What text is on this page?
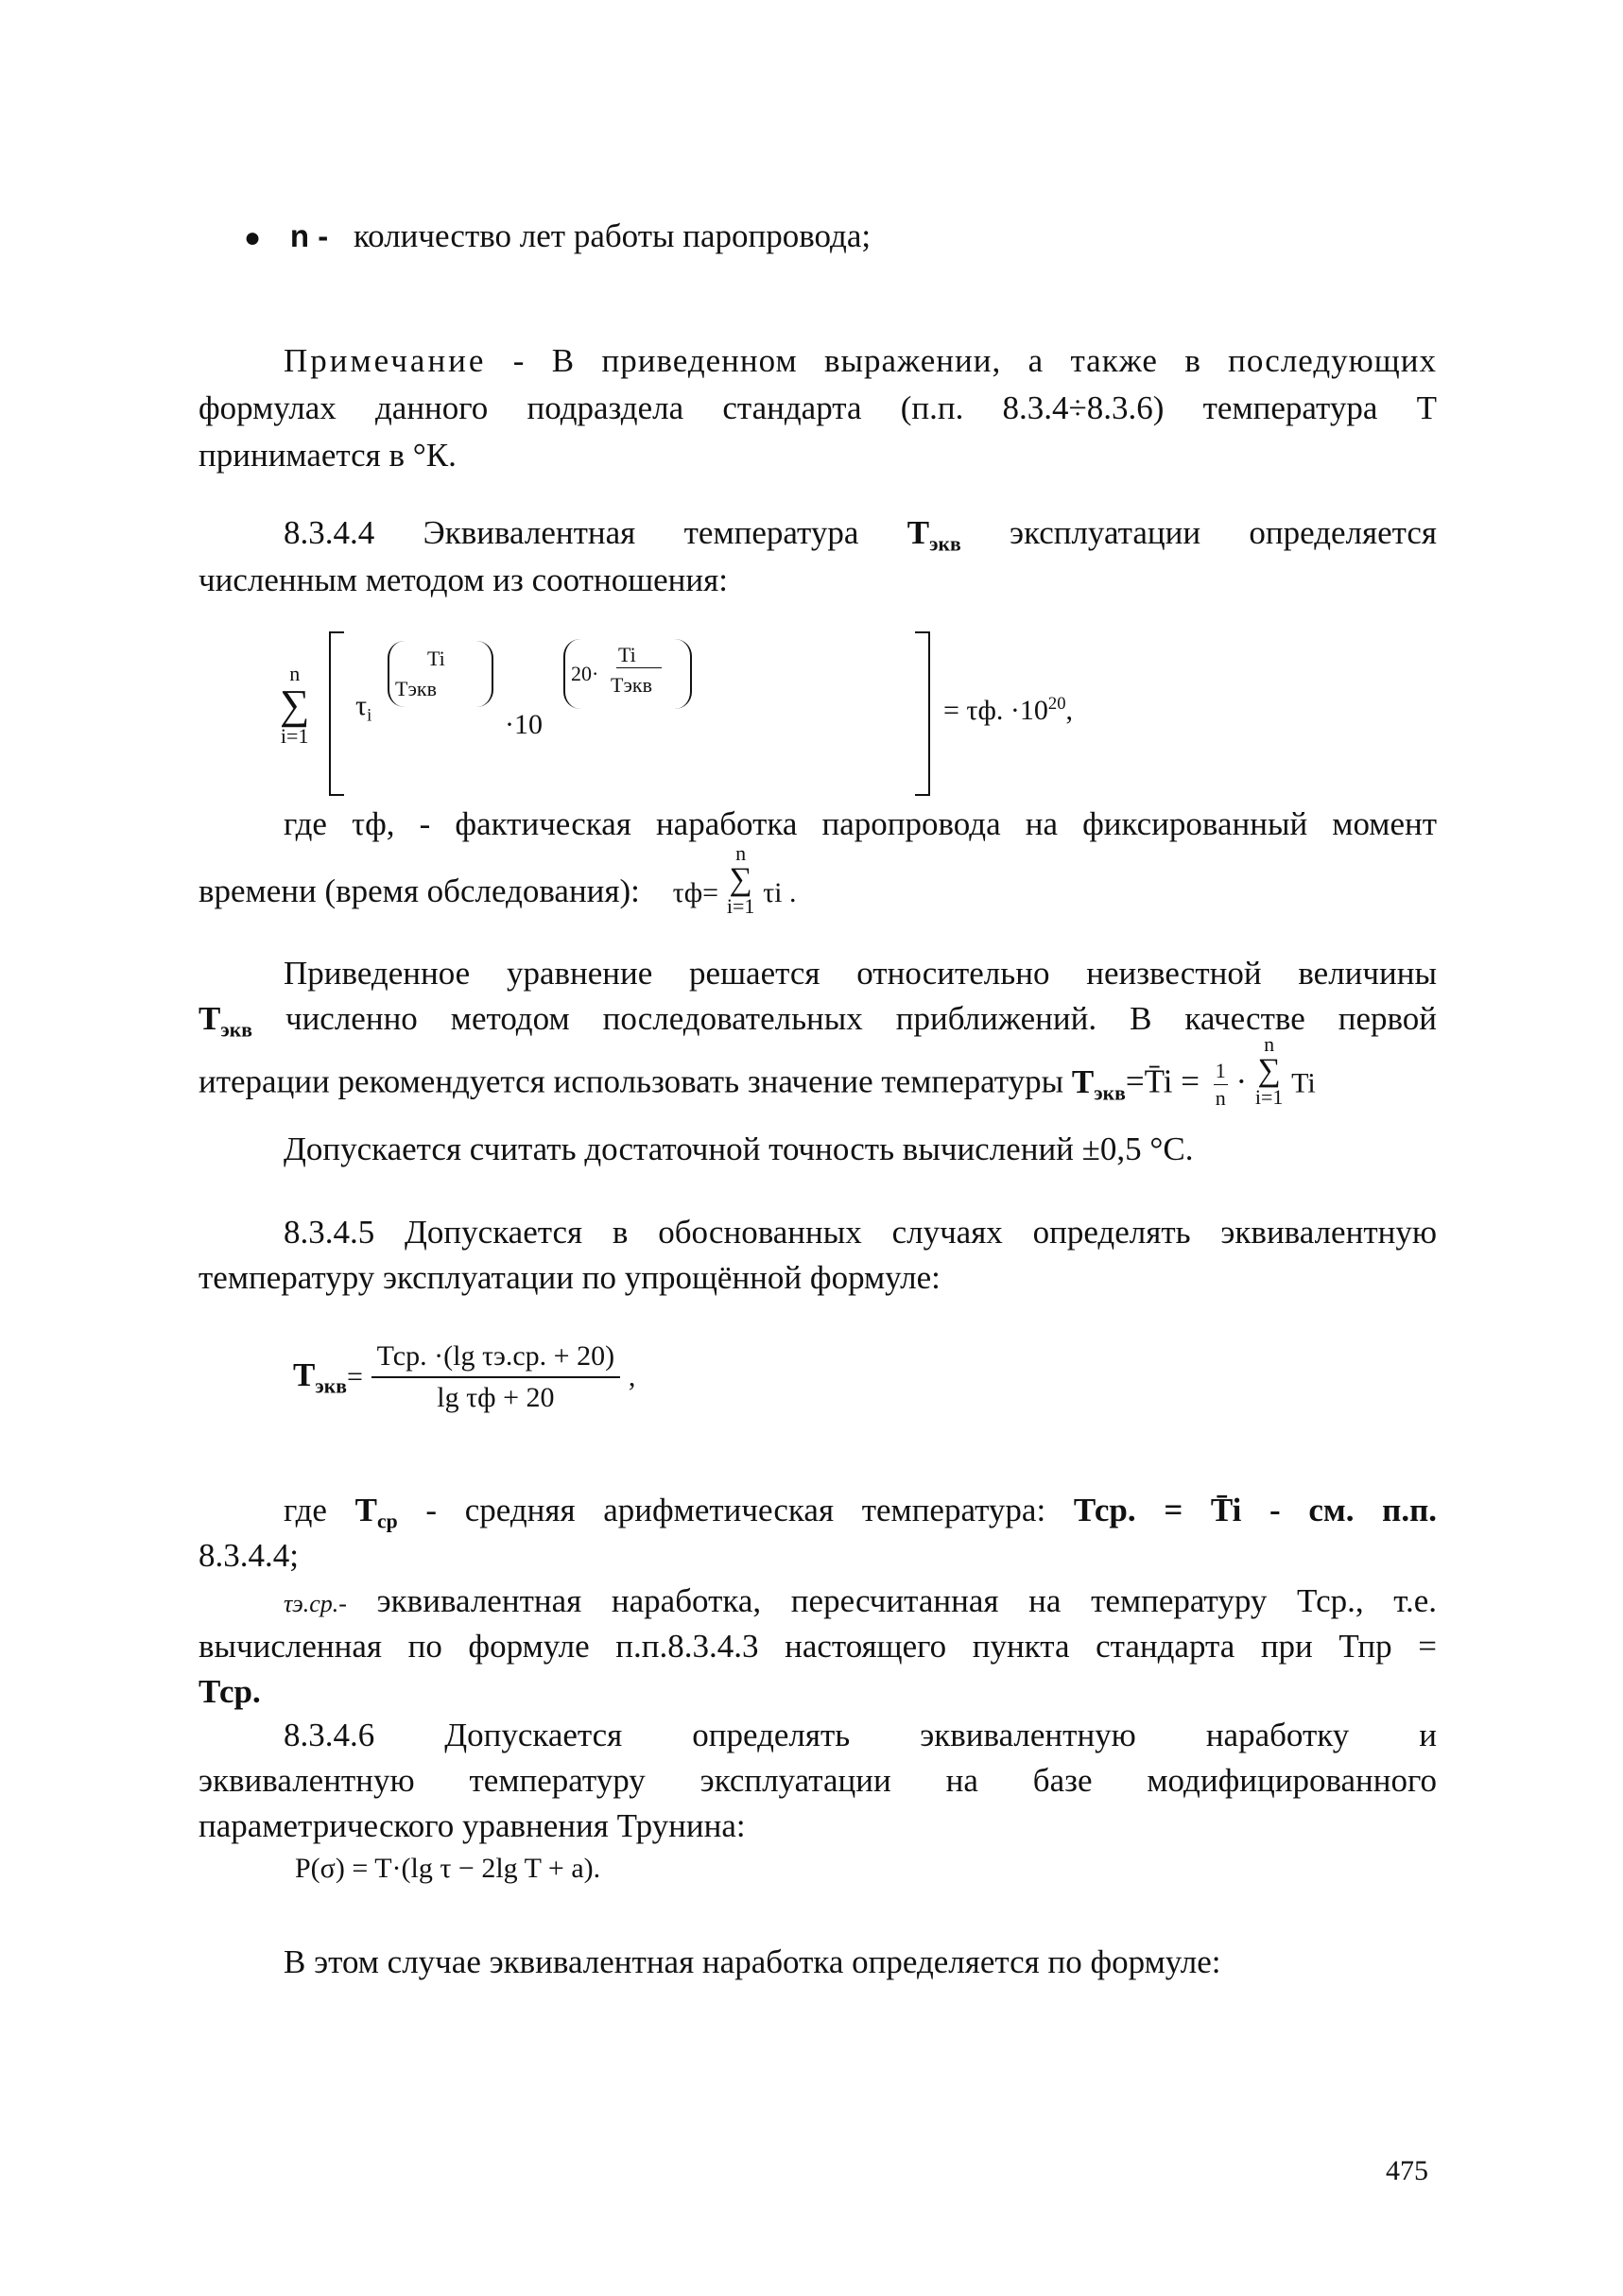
● n - количество лет работы паропровода;
Примечание - В приведенном выражении, а также в последующих
формулах данного подраздела стандарта (п.п. 8.3.4÷8.3.6) температура Т
принимается в °К.
8.3.4.4 Эквивалентная температура $Т_{экв}$ эксплуатации определяется
численным методом из соотношения:
n
∑
i=1
$\tau_i$
Ti
Тэкв
·10
20·
Ti
Тэкв
= τф. $\cdot 10^{20}$,
где τф, - фактическая наработка паропровода на фиксированный момент
времени (время обследования): τф=
n
∑
i=1 τi .
Приведенное уравнение решается относительно неизвестной величины
$Т_{экв}$ численно методом последовательных приближений. В качестве первой
итерации рекомендуется использовать значение температуры $Т_{экв}=T̄i = \frac{1}{n}$ ·
n
∑
i=1 Ti
Допускается считать достаточной точность вычислений ±0,5 °С.
8.3.4.5 Допускается в обоснованных случаях определять эквивалентную
температуру эксплуатации по упрощённой формуле:
$Т_{экв}= \frac{\text{Тср. ·(lg τэ.ср. + 20)}}{\text{lg τф + 20}}$ ,
где $Т_{ср}$ - средняя арифметическая температура: Тср. = T̄i - см. п.п.
8.3.4.4;
τэ.ср.- эквивалентная наработка, пересчитанная на температуру Тср., т.е.
вычисленная по формуле п.п.8.3.4.3 настоящего пункта стандарта при Тпр =
Тср.
8.3.4.6 Допускается определять эквивалентную наработку и
эквивалентную температуру эксплуатации на базе модифицированного
параметрического уравнения Трунина:
P(σ) = T·(lg τ − 2lg T + a).
В этом случае эквивалентная наработка определяется по формуле:
475
